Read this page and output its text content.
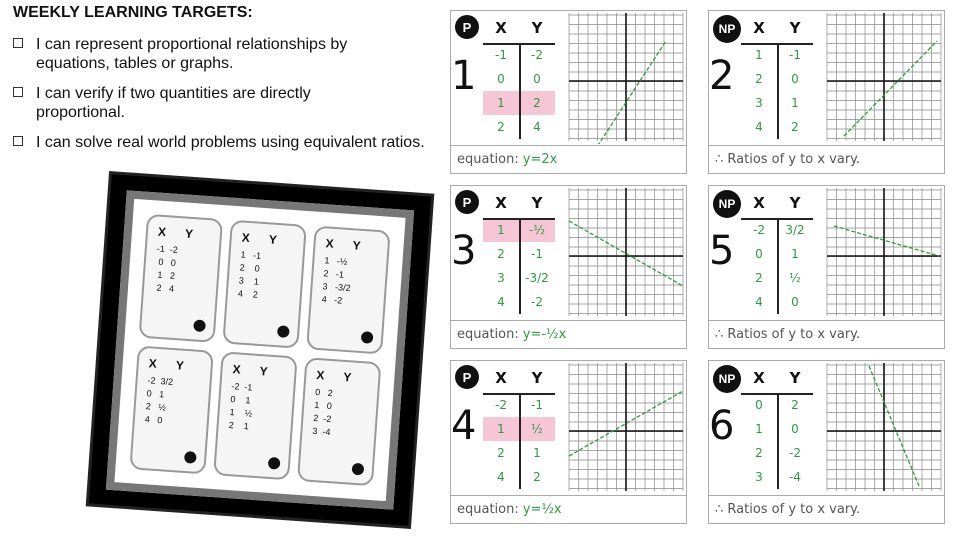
WEEKLY LEARNING TARGETS:
I can represent proportional relationships by equations, tables or graphs.
I can verify if two quantities are directly proportional.
I can solve real world problems using equivalent ratios.
X Y
-1  -2
0   0
1   2
2   4
X Y
1   -1
2    0
3    1
4    2
X Y
1   -½
2   -1
3   -3/2
4   -2
X Y
-2  3/2
0   1
2   ½
4   0
X Y
-2  -1
0    1
1    ½
2    1
X Y
0   2
1   0
2  -2
3  -4
P
1
X	Y
-1	-2
0	0
1	2
2	4
equation: y=2x
NP
2
X	Y
1	-1
2	0
3	1
4	2
∴ Ratios of y to x vary.
P
3
X	Y
1	-½
2	-1
3	-3/2
4	-2
equation: y=-½x
NP
5
X	Y
-2	3/2
0	1
2	½
4	0
∴ Ratios of y to x vary.
P
4
X	Y
-2	-1
1	½
2	1
4	2
equation: y=½x
NP
6
X	Y
0	2
1	0
2	-2
3	-4
∴ Ratios of y to x vary.
